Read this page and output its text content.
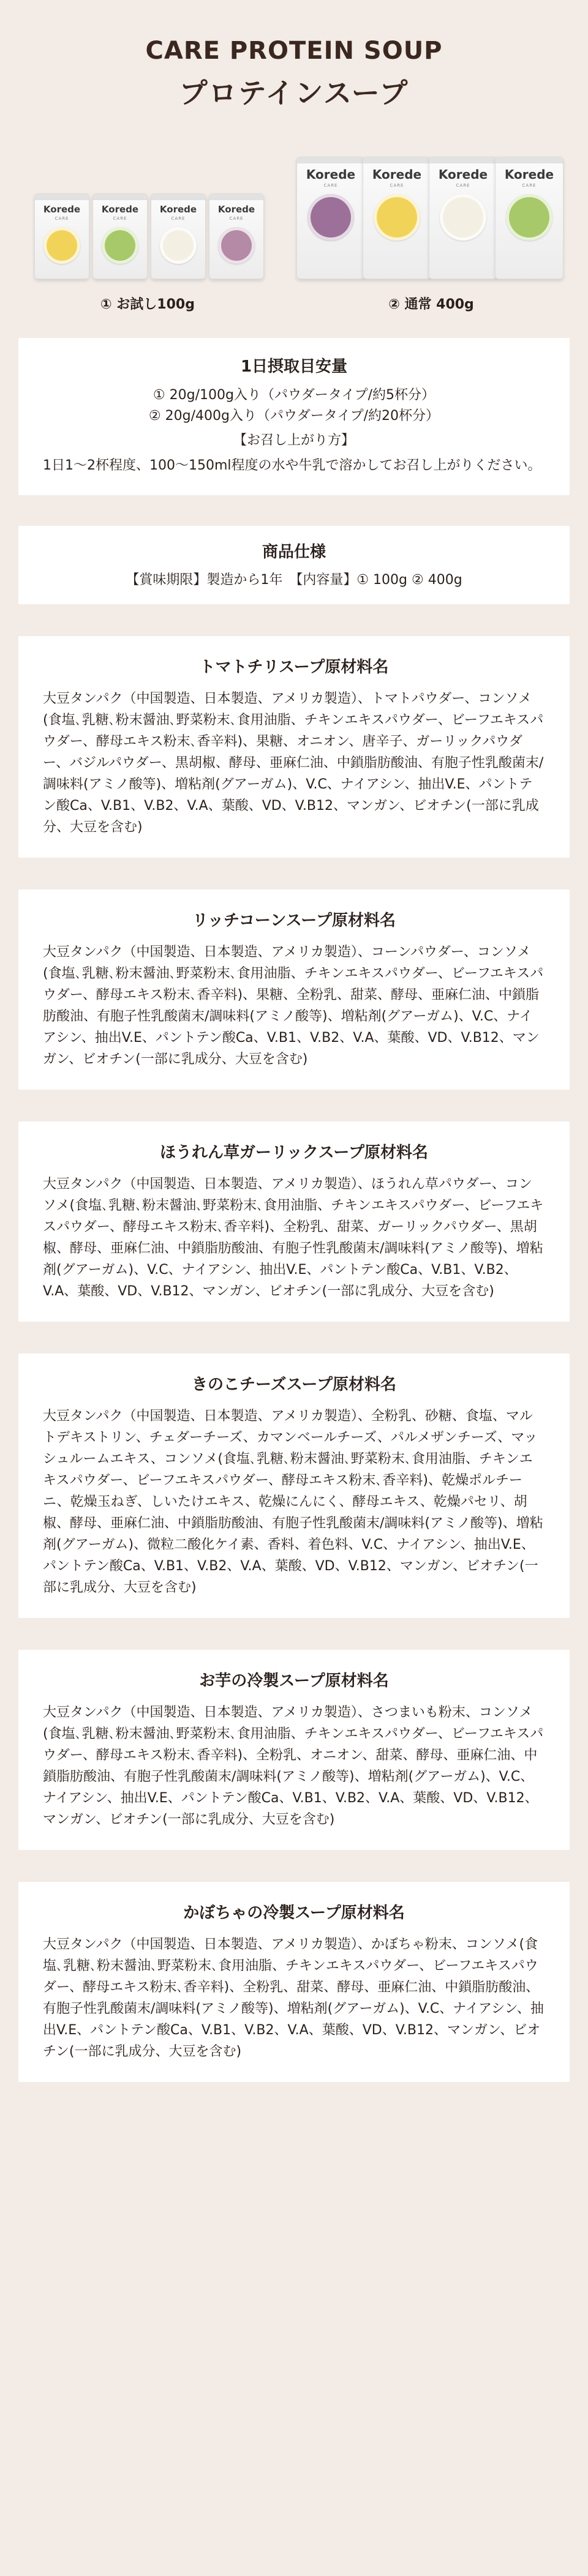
CARE PROTEIN SOUP
プロテインスープ
Korede
CARE
Korede
CARE
Korede
CARE
Korede
CARE
① お試し100g
Korede
CARE
Korede
CARE
Korede
CARE
Korede
CARE
② 通常 400g
1日摂取目安量
① 20g/100g入り（パウダータイプ/約5杯分）
② 20g/400g入り（パウダータイプ/約20杯分）
【お召し上がり方】
1日1〜2杯程度、100〜150ml程度の水や牛乳で溶かしてお召し上がりください。
商品仕様
【賞味期限】製造から1年　【内容量】① 100g ② 400g
トマトチリスープ原材料名
大豆タンパク（中国製造、日本製造、アメリカ製造）、トマトパウダー、コンソメ(食塩､乳糖､粉末醤油､野菜粉末､食用油脂、チキンエキスパウダー、ビーフエキスパウダー、酵母エキス粉末､香辛料)、果糖、オニオン、唐辛子、ガーリックパウダー、バジルパウダー、黒胡椒、酵母、亜麻仁油、中鎖脂肪酸油、有胞子性乳酸菌末/調味料(アミノ酸等)、増粘剤(グアーガム)、V.C、ナイアシン、抽出V.E、パントテン酸Ca、V.B1、V.B2、V.A、葉酸、VD、V.B12、マンガン、ビオチン(一部に乳成分、大豆を含む)
リッチコーンスープ原材料名
大豆タンパク（中国製造、日本製造、アメリカ製造）、コーンパウダー、コンソメ(食塩､乳糖､粉末醤油､野菜粉末､食用油脂、チキンエキスパウダー、ビーフエキスパウダー、酵母エキス粉末､香辛料)、果糖、全粉乳、甜菜、酵母、亜麻仁油、中鎖脂肪酸油、有胞子性乳酸菌末/調味料(アミノ酸等)、増粘剤(グアーガム)、V.C、ナイアシン、抽出V.E、パントテン酸Ca、V.B1、V.B2、V.A、葉酸、VD、V.B12、マンガン、ビオチン(一部に乳成分、大豆を含む)
ほうれん草ガーリックスープ原材料名
大豆タンパク（中国製造、日本製造、アメリカ製造）、ほうれん草パウダー、コンソメ(食塩､乳糖､粉末醤油､野菜粉末､食用油脂、チキンエキスパウダー、ビーフエキスパウダー、酵母エキス粉末､香辛料)、全粉乳、甜菜、ガーリックパウダー、黒胡椒、酵母、亜麻仁油、中鎖脂肪酸油、有胞子性乳酸菌末/調味料(アミノ酸等)、増粘剤(グアーガム)、V.C、ナイアシン、抽出V.E、パントテン酸Ca、V.B1、V.B2、V.A、葉酸、VD、V.B12、マンガン、ビオチン(一部に乳成分、大豆を含む)
きのこチーズスープ原材料名
大豆タンパク（中国製造、日本製造、アメリカ製造）、全粉乳、砂糖、食塩、マルトデキストリン、チェダーチーズ、カマンベールチーズ、パルメザンチーズ、マッシュルームエキス、コンソメ(食塩､乳糖､粉末醤油､野菜粉末､食用油脂、チキンエキスパウダー、ビーフエキスパウダー、酵母エキス粉末､香辛料)、乾燥ポルチーニ、乾燥玉ねぎ、しいたけエキス、乾燥にんにく、酵母エキス、乾燥パセリ、胡椒、酵母、亜麻仁油、中鎖脂肪酸油、有胞子性乳酸菌末/調味料(アミノ酸等)、増粘剤(グアーガム)、微粒二酸化ケイ素、香料、着色料、V.C、ナイアシン、抽出V.E、パントテン酸Ca、V.B1、V.B2、V.A、葉酸、VD、V.B12、マンガン、ビオチン(一部に乳成分、大豆を含む)
お芋の冷製スープ原材料名
大豆タンパク（中国製造、日本製造、アメリカ製造）、さつまいも粉末、コンソメ(食塩､乳糖､粉末醤油､野菜粉末､食用油脂、チキンエキスパウダー、ビーフエキスパウダー、酵母エキス粉末､香辛料)、全粉乳、オニオン、甜菜、酵母、亜麻仁油、中鎖脂肪酸油、有胞子性乳酸菌末/調味料(アミノ酸等)、増粘剤(グアーガム)、V.C、ナイアシン、抽出V.E、パントテン酸Ca、V.B1、V.B2、V.A、葉酸、VD、V.B12、マンガン、ビオチン(一部に乳成分、大豆を含む)
かぼちゃの冷製スープ原材料名
大豆タンパク（中国製造、日本製造、アメリカ製造）、かぼちゃ粉末、コンソメ(食塩､乳糖､粉末醤油､野菜粉末､食用油脂、チキンエキスパウダー、ビーフエキスパウダー、酵母エキス粉末､香辛料)、全粉乳、甜菜、酵母、亜麻仁油、中鎖脂肪酸油、有胞子性乳酸菌末/調味料(アミノ酸等)、増粘剤(グアーガム)、V.C、ナイアシン、抽出V.E、パントテン酸Ca、V.B1、V.B2、V.A、葉酸、VD、V.B12、マンガン、ビオチン(一部に乳成分、大豆を含む)
